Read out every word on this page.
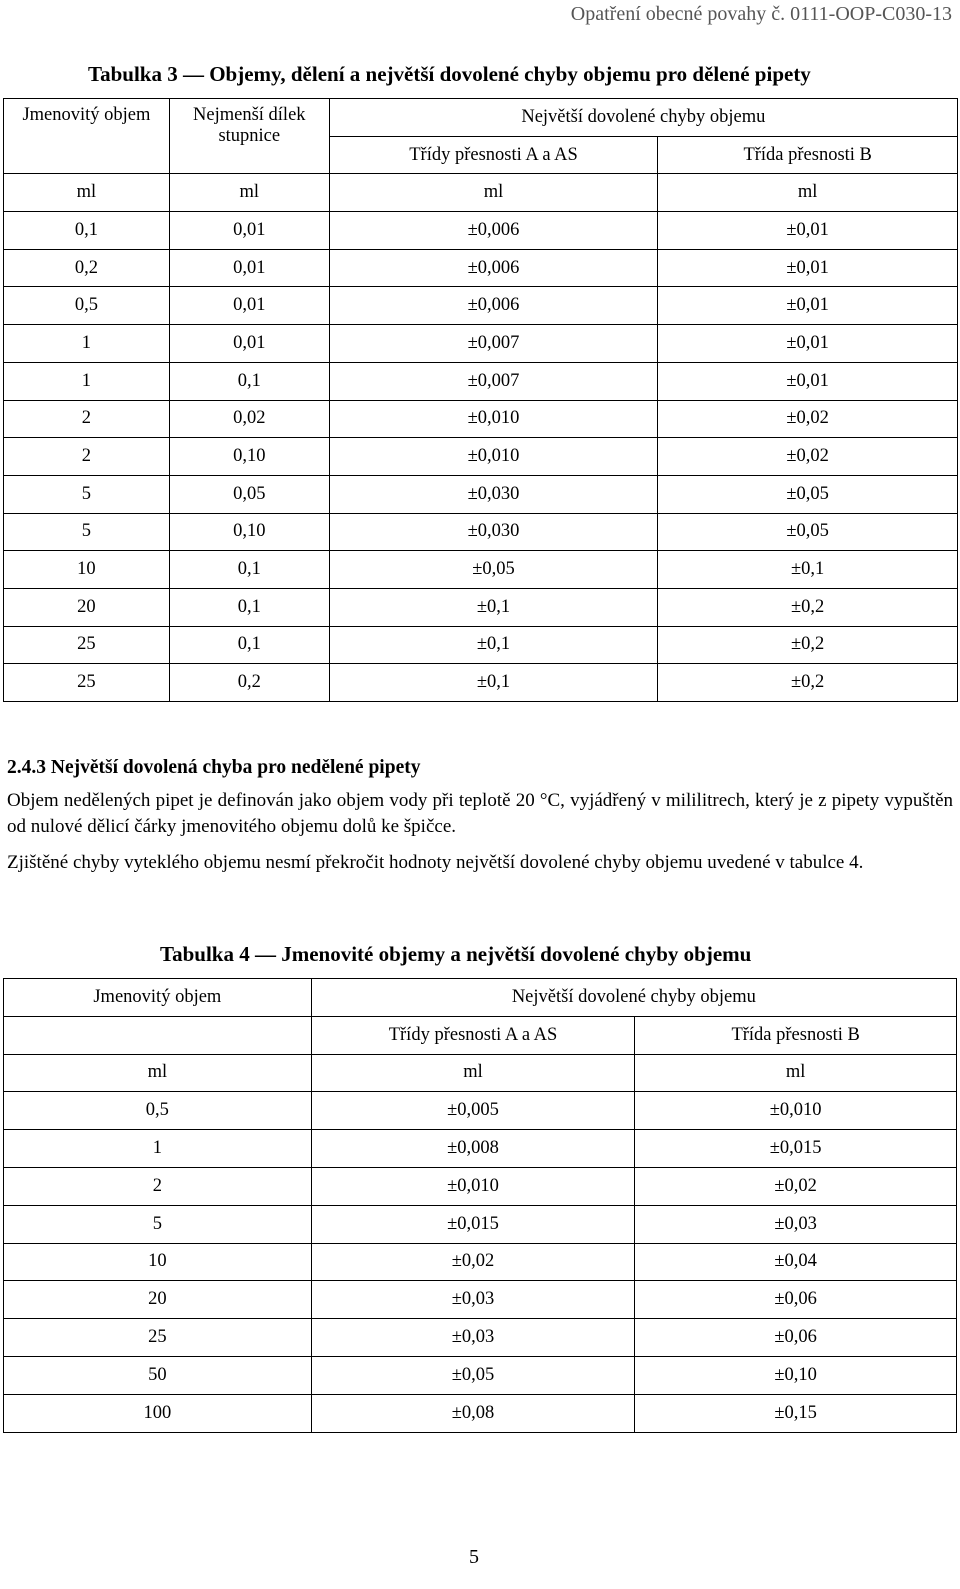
Opatření obecné povahy č. 0111-OOP-C030-13
Tabulka 3 — Objemy, dělení a největší dovolené chyby objemu pro dělené pipety
Jmenovitý objem	Nejmenší dílek stupnice	Největší dovolené chyby objemu	
		Třídy přesnosti A a AS	Třída přesnosti B
ml	ml	ml	ml
0,1	0,01	±0,006	±0,01
0,2	0,01	±0,006	±0,01
0,5	0,01	±0,006	±0,01
1	0,01	±0,007	±0,01
1	0,1	±0,007	±0,01
2	0,02	±0,010	±0,02
2	0,10	±0,010	±0,02
5	0,05	±0,030	±0,05
5	0,10	±0,030	±0,05
10	0,1	±0,05	±0,1
20	0,1	±0,1	±0,2
25	0,1	±0,1	±0,2
25	0,2	±0,1	±0,2
2.4.3 Největší dovolená chyba pro nedělené pipety
Objem nedělených pipet je definován jako objem vody při teplotě 20 °C, vyjádřený v mililitrech, který je z pipety vypuštěn od nulové dělicí čárky jmenovitého objemu dolů ke špičce.
Zjištěné chyby vyteklého objemu nesmí překročit hodnoty největší dovolené chyby objemu uvedené v tabulce 4.
Tabulka 4 — Jmenovité objemy a největší dovolené chyby objemu
Jmenovitý objem	Největší dovolené chyby objemu	
	Třídy přesnosti A a AS	Třída přesnosti B
ml	ml	ml
0,5	±0,005	±0,010
1	±0,008	±0,015
2	±0,010	±0,02
5	±0,015	±0,03
10	±0,02	±0,04
20	±0,03	±0,06
25	±0,03	±0,06
50	±0,05	±0,10
100	±0,08	±0,15
5
